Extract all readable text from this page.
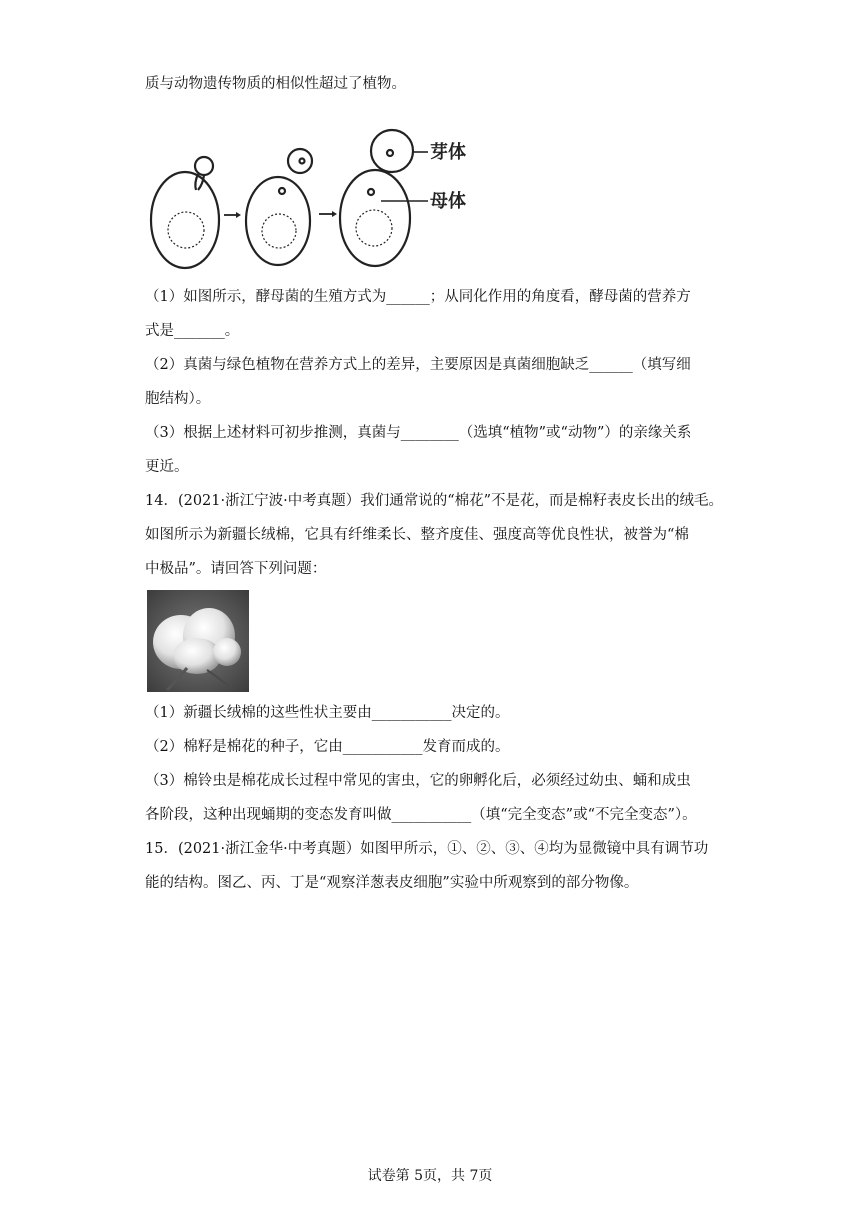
质与动物遗传物质的相似性超过了植物。
芽体
母体
（1）如图所示，酵母菌的生殖方式为______；从同化作用的角度看，酵母菌的营养方
式是_______。
（2）真菌与绿色植物在营养方式上的差异，主要原因是真菌细胞缺乏______（填写细
胞结构）。
（3）根据上述材料可初步推测，真菌与________（选填“植物”或“动物”）的亲缘关系
更近。
14．(2021·浙江宁波·中考真题）我们通常说的“棉花”不是花，而是棉籽表皮长出的绒毛。
如图所示为新疆长绒棉，它具有纤维柔长、整齐度佳、强度高等优良性状，被誉为“棉
中极品”。请回答下列问题：
（1）新疆长绒棉的这些性状主要由___________决定的。
（2）棉籽是棉花的种子，它由___________发育而成的。
（3）棉铃虫是棉花成长过程中常见的害虫，它的卵孵化后，必须经过幼虫、蛹和成虫
各阶段，这种出现蛹期的变态发育叫做___________（填“完全变态”或“不完全变态”）。
15．(2021·浙江金华·中考真题）如图甲所示，①、②、③、④均为显微镜中具有调节功
能的结构。图乙、丙、丁是“观察洋葱表皮细胞”实验中所观察到的部分物像。
试卷第 5页，共 7页
